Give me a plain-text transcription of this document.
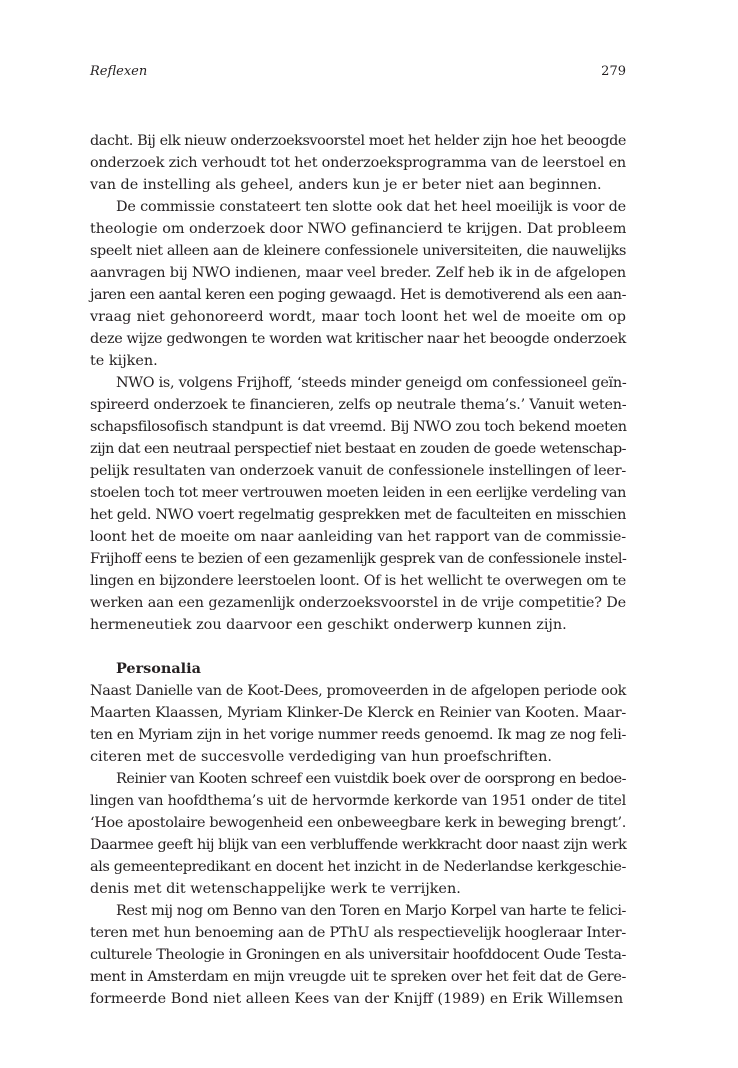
Reflexen	279
dacht. Bij elk nieuw onderzoeksvoorstel moet het helder zijn hoe het beoogde
onderzoek zich verhoudt tot het onderzoeksprogramma van de leerstoel en
van de instelling als geheel, anders kun je er beter niet aan beginnen.
De commissie constateert ten slotte ook dat het heel moeilijk is voor de
theologie om onderzoek door NWO gefinancierd te krijgen. Dat probleem
speelt niet alleen aan de kleinere confessionele universiteiten, die nauwelijks
aanvragen bij NWO indienen, maar veel breder. Zelf heb ik in de afgelopen
jaren een aantal keren een poging gewaagd. Het is demotiverend als een aan-
vraag niet gehonoreerd wordt, maar toch loont het wel de moeite om op
deze wijze gedwongen te worden wat kritischer naar het beoogde onderzoek
te kijken.
NWO is, volgens Frijhoff, ‘steeds minder geneigd om confessioneel geïn-
spireerd onderzoek te financieren, zelfs op neutrale thema’s.’ Vanuit weten-
schapsfilosofisch standpunt is dat vreemd. Bij NWO zou toch bekend moeten
zijn dat een neutraal perspectief niet bestaat en zouden de goede wetenschap-
pelijk resultaten van onderzoek vanuit de confessionele instellingen of leer-
stoelen toch tot meer vertrouwen moeten leiden in een eerlijke verdeling van
het geld. NWO voert regelmatig gesprekken met de faculteiten en misschien
loont het de moeite om naar aanleiding van het rapport van de commissie-
Frijhoff eens te bezien of een gezamenlijk gesprek van de confessionele instel-
lingen en bijzondere leerstoelen loont. Of is het wellicht te overwegen om te
werken aan een gezamenlijk onderzoeksvoorstel in de vrije competitie? De
hermeneutiek zou daarvoor een geschikt onderwerp kunnen zijn.
Personalia
Naast Danielle van de Koot-Dees, promoveerden in de afgelopen periode ook
Maarten Klaassen, Myriam Klinker-De Klerck en Reinier van Kooten. Maar-
ten en Myriam zijn in het vorige nummer reeds genoemd. Ik mag ze nog feli-
citeren met de succesvolle verdediging van hun proefschriften.
Reinier van Kooten schreef een vuistdik boek over de oorsprong en bedoe-
lingen van hoofdthema’s uit de hervormde kerkorde van 1951 onder de titel
‘Hoe apostolaire bewogenheid een onbeweegbare kerk in beweging brengt’.
Daarmee geeft hij blijk van een verbluffende werkkracht door naast zijn werk
als gemeentepredikant en docent het inzicht in de Nederlandse kerkgeschie-
denis met dit wetenschappelijke werk te verrijken.
Rest mij nog om Benno van den Toren en Marjo Korpel van harte te felici-
teren met hun benoeming aan de PThU als respectievelijk hoogleraar Inter-
culturele Theologie in Groningen en als universitair hoofddocent Oude Testa-
ment in Amsterdam en mijn vreugde uit te spreken over het feit dat de Gere-
formeerde Bond niet alleen Kees van der Knijff (1989) en Erik Willemsen
